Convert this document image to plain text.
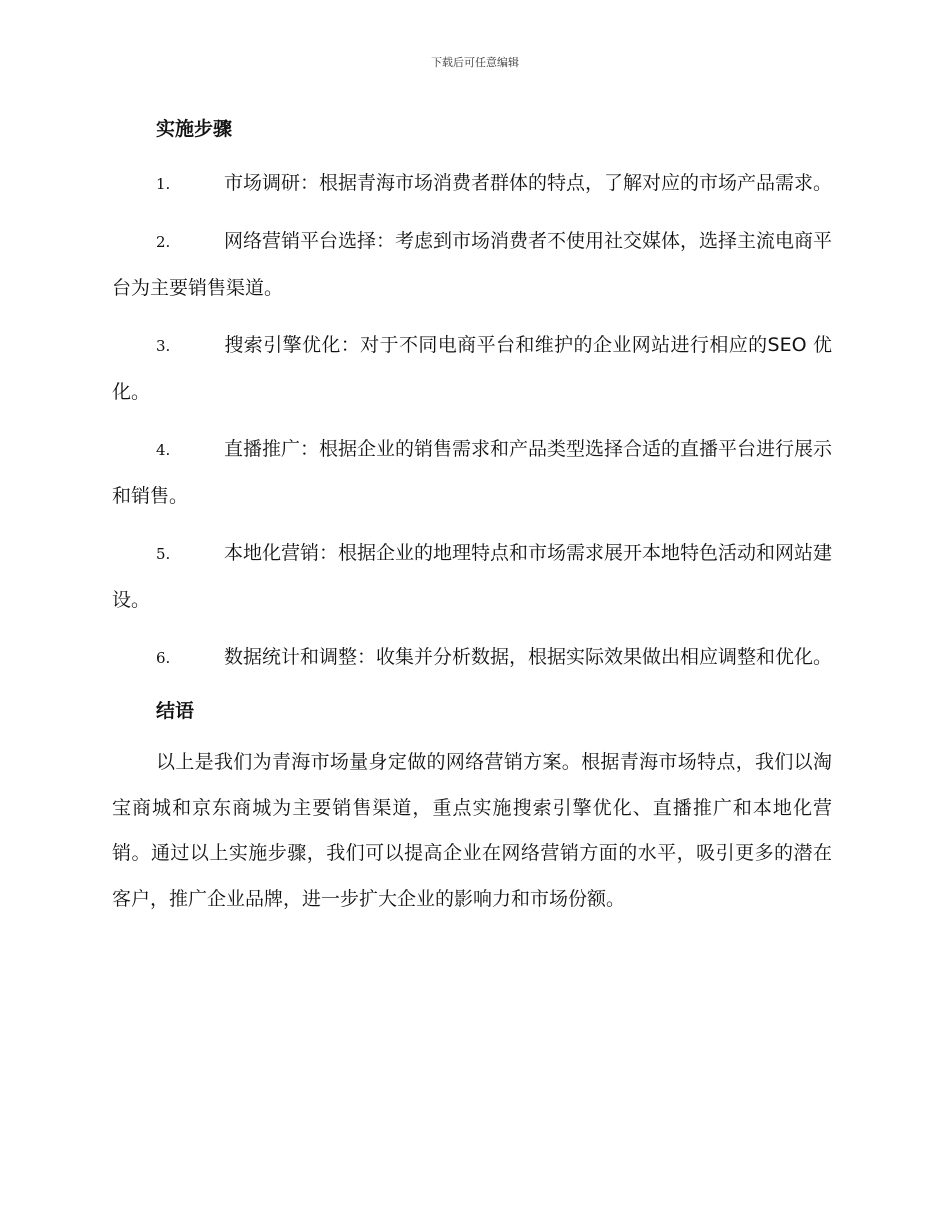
下载后可任意编辑
实施步骤
1.	市场调研：根据青海市场消费者群体的特点，了解对应的市场产品需求。
2.	网络营销平台选择：考虑到市场消费者不使用社交媒体，选择主流电商平台为主要销售渠道。
3.	搜索引擎优化：对于不同电商平台和维护的企业网站进行相应的SEO 优化。
4.	直播推广：根据企业的销售需求和产品类型选择合适的直播平台进行展示和销售。
5.	本地化营销：根据企业的地理特点和市场需求展开本地特色活动和网站建设。
6.	数据统计和调整：收集并分析数据，根据实际效果做出相应调整和优化。
结语
以上是我们为青海市场量身定做的网络营销方案。根据青海市场特点，我们以淘宝商城和京东商城为主要销售渠道，重点实施搜索引擎优化、直播推广和本地化营销。通过以上实施步骤，我们可以提高企业在网络营销方面的水平，吸引更多的潜在客户，推广企业品牌，进一步扩大企业的影响力和市场份额。
